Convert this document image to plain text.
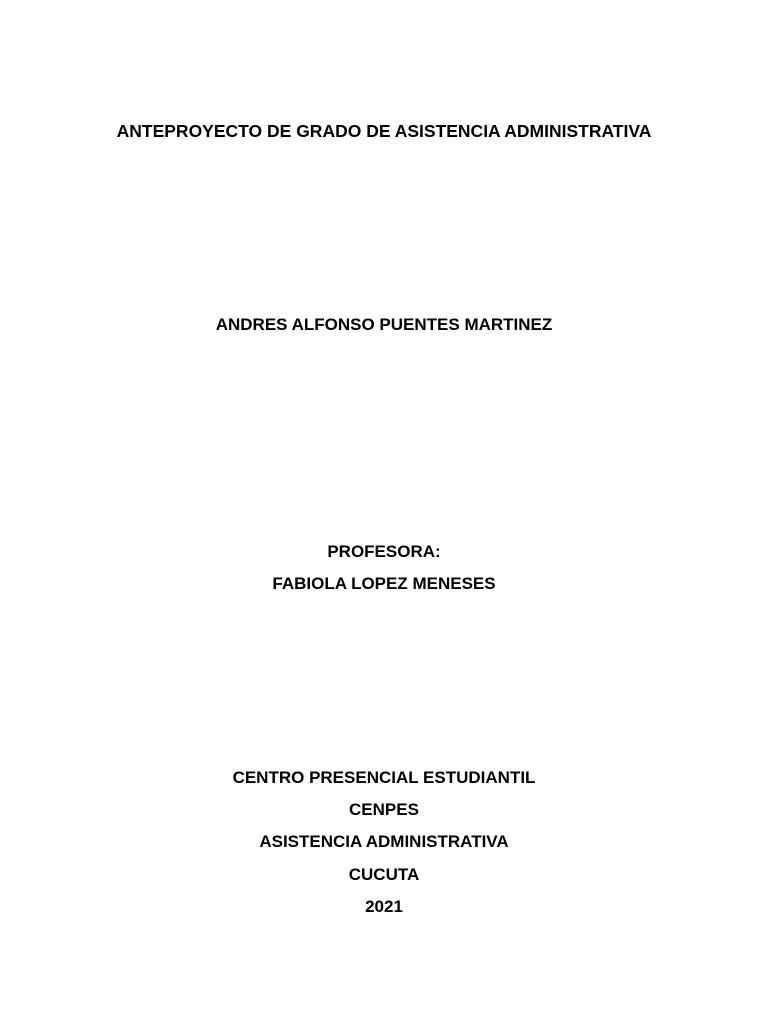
ANTEPROYECTO DE GRADO DE ASISTENCIA ADMINISTRATIVA
ANDRES ALFONSO PUENTES MARTINEZ
PROFESORA:
FABIOLA LOPEZ MENESES
CENTRO PRESENCIAL ESTUDIANTIL
CENPES
ASISTENCIA ADMINISTRATIVA
CUCUTA
2021
